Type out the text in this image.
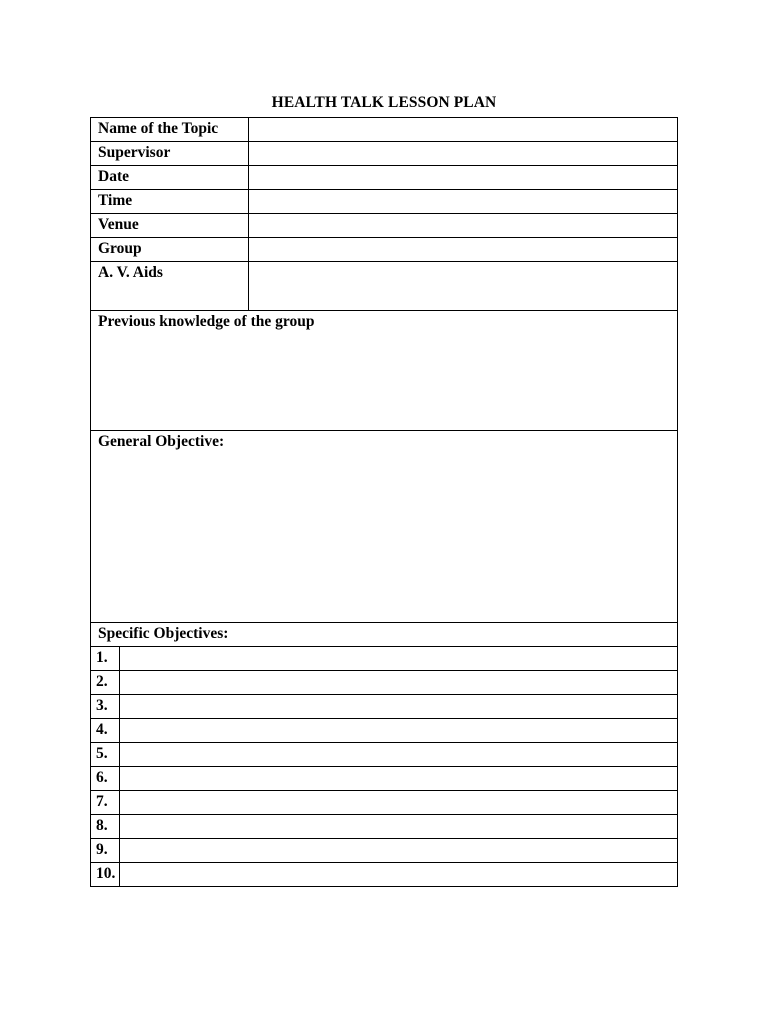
HEALTH TALK LESSON PLAN
Name of the Topic		
Supervisor		
Date		
Time		
Venue		
Group		
A. V. Aids		
Previous knowledge of the group		
General Objective:		
Specific Objectives:		
1.		
2.		
3.		
4.		
5.		
6.		
7.		
8.		
9.		
10.		
